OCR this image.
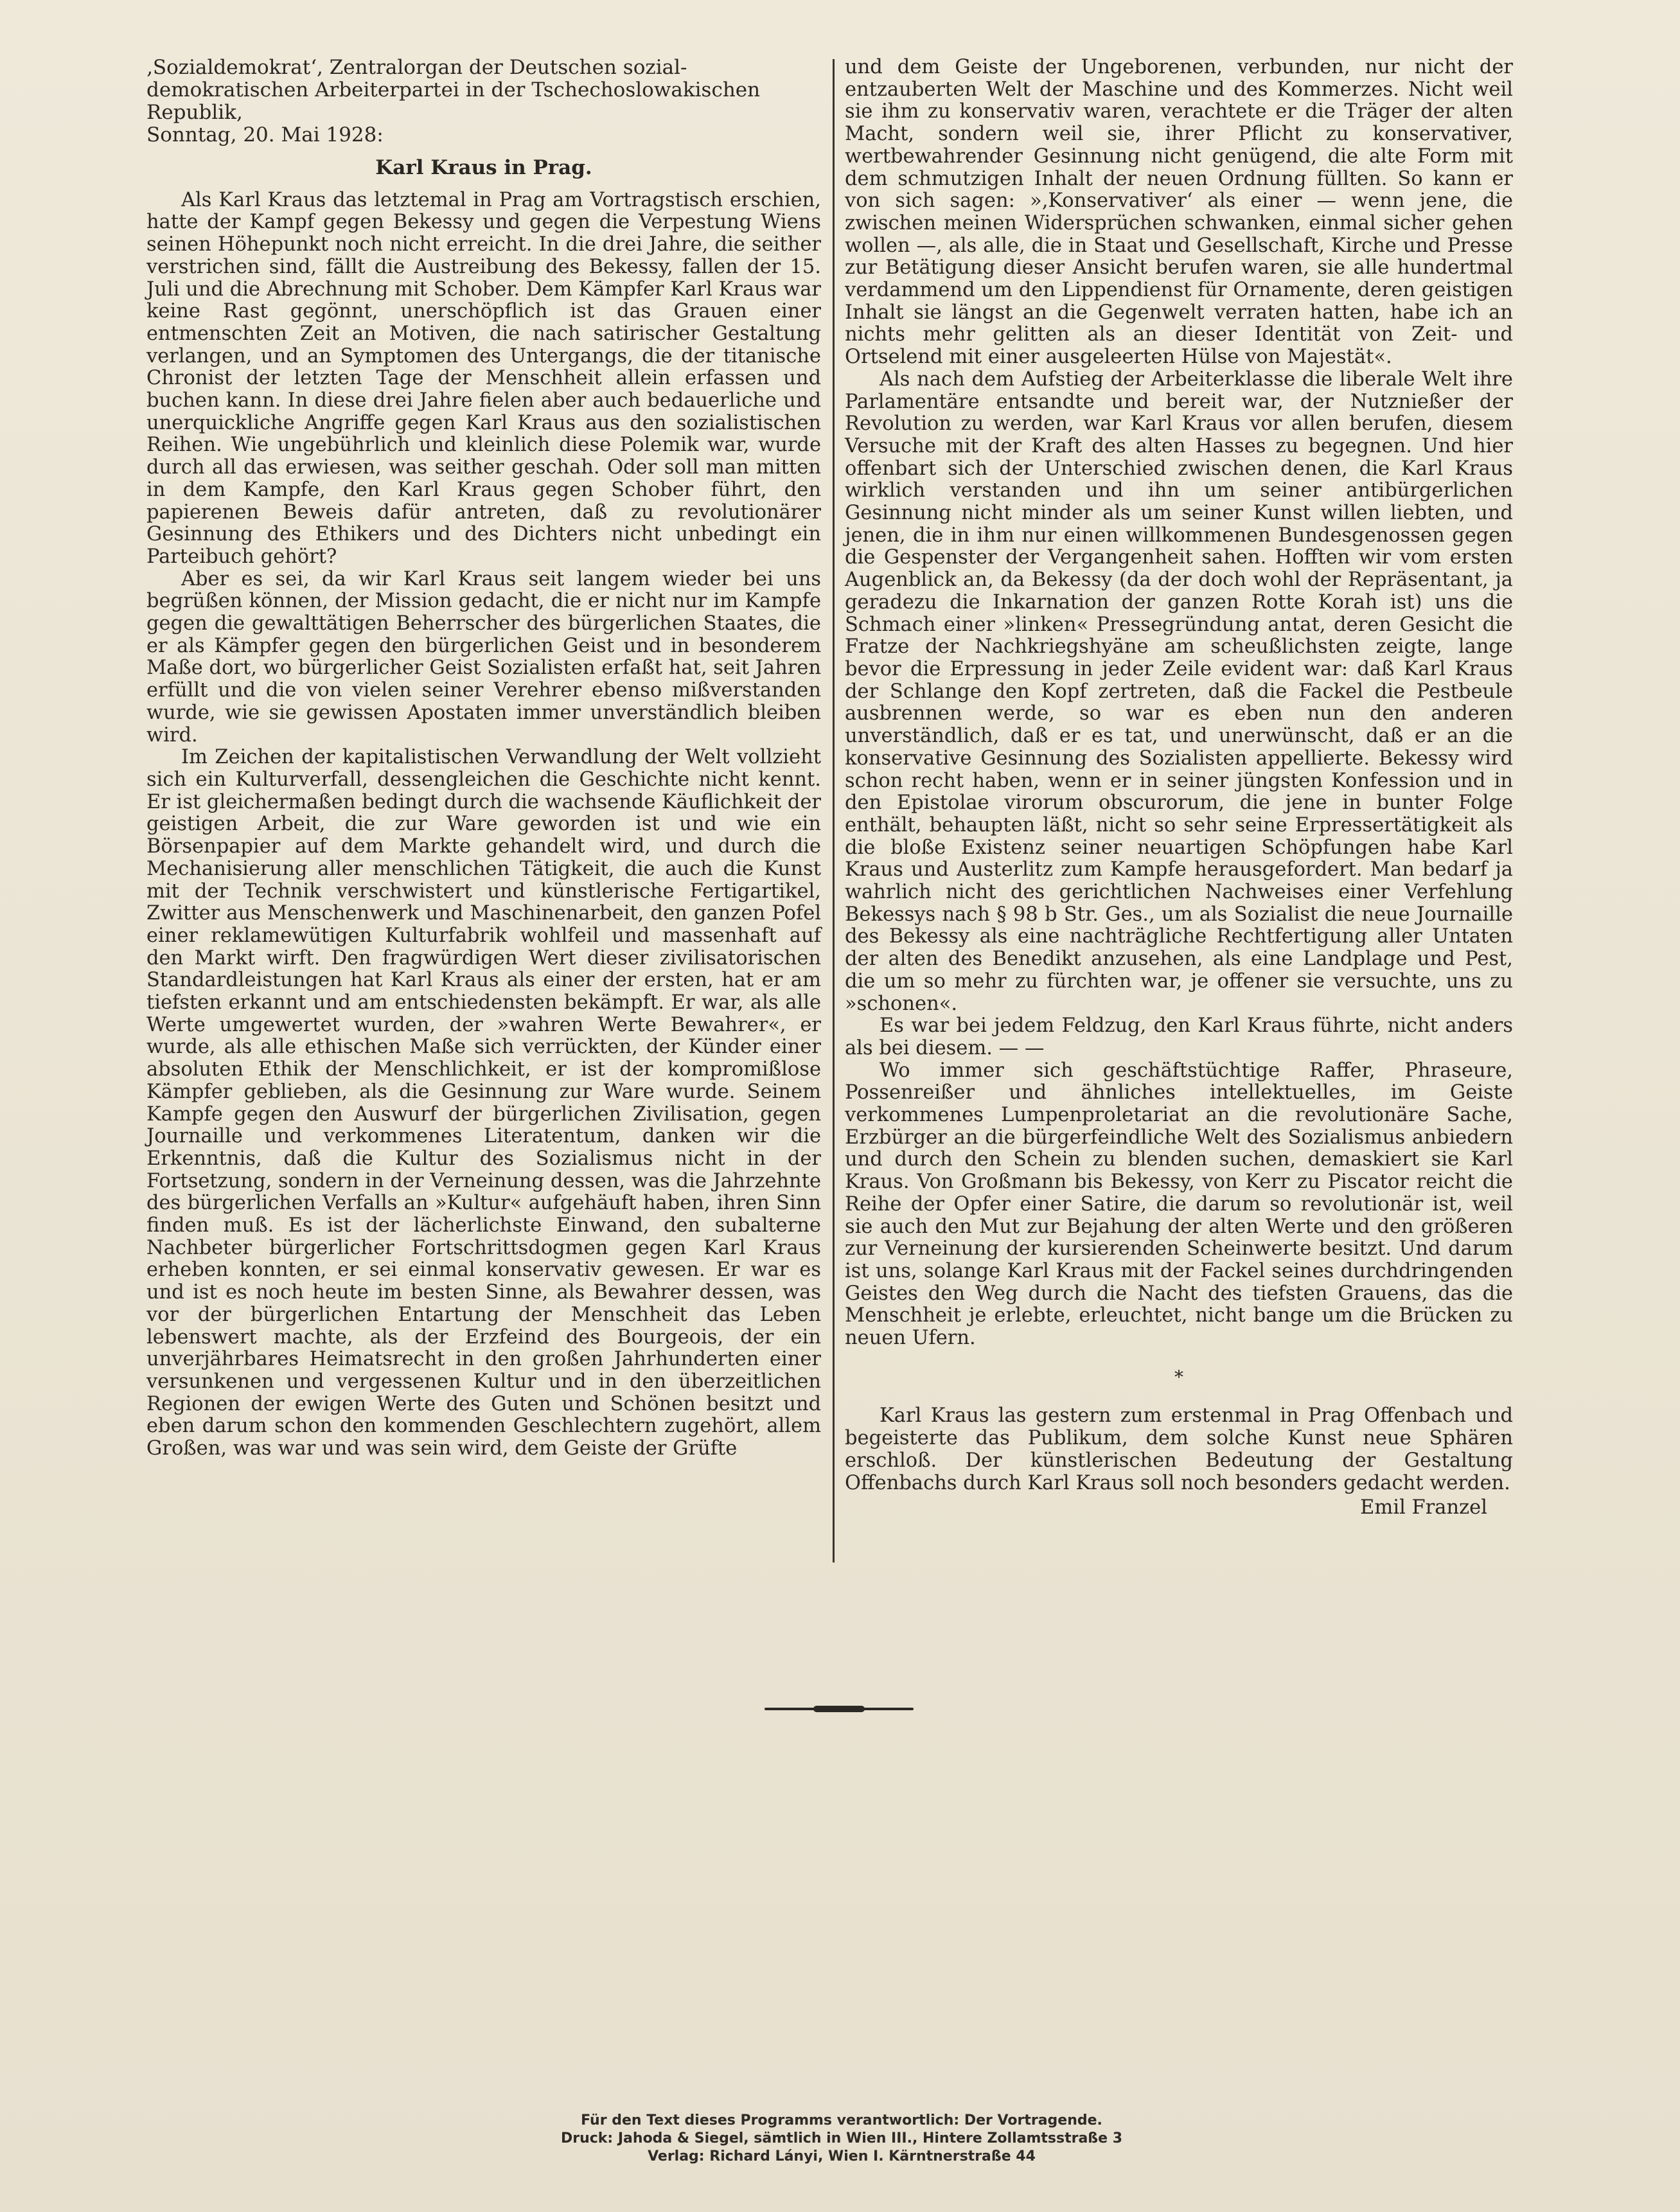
‚Sozialdemokrat‘, Zentralorgan der Deutschen sozial-
demokratischen Arbeiterpartei in der Tschechoslowakischen Republik,
Sonntag, 20. Mai 1928:
Karl Kraus in Prag.

Als Karl Kraus das letztemal in Prag am Vortragstisch erschien, hatte der Kampf gegen Bekessy und gegen die Verpestung Wiens seinen Höhepunkt noch nicht erreicht. In die drei Jahre, die seither verstrichen sind, fällt die Austreibung des Bekessy, fallen der 15. Juli und die Abrechnung mit Schober. Dem Kämpfer Karl Kraus war keine Rast gegönnt, unerschöpflich ist das Grauen einer entmenschten Zeit an Motiven, die nach satirischer Gestaltung verlangen, und an Symptomen des Untergangs, die der titanische Chronist der letzten Tage der Menschheit allein erfassen und buchen kann. In diese drei Jahre fielen aber auch bedauerliche und unerquickliche Angriffe gegen Karl Kraus aus den sozialistischen Reihen. Wie ungebührlich und kleinlich diese Polemik war, wurde durch all das erwiesen, was seither geschah. Oder soll man mitten in dem Kampfe, den Karl Kraus gegen Schober führt, den papierenen Beweis dafür antreten, daß zu revolutionärer Gesinnung des Ethikers und des Dichters nicht unbedingt ein Parteibuch gehört?

Aber es sei, da wir Karl Kraus seit langem wieder bei uns begrüßen können, der Mission gedacht, die er nicht nur im Kampfe gegen die gewalttätigen Beherrscher des bürgerlichen Staates, die er als Kämpfer gegen den bürgerlichen Geist und in besonderem Maße dort, wo bürgerlicher Geist Sozialisten erfaßt hat, seit Jahren erfüllt und die von vielen seiner Verehrer ebenso mißverstanden wurde, wie sie gewissen Apostaten immer unverständlich bleiben wird.

Im Zeichen der kapitalistischen Verwandlung der Welt vollzieht sich ein Kulturverfall, dessengleichen die Geschichte nicht kennt. Er ist gleichermaßen bedingt durch die wachsende Käuflichkeit der geistigen Arbeit, die zur Ware geworden ist und wie ein Börsenpapier auf dem Markte gehandelt wird, und durch die Mechanisierung aller menschlichen Tätigkeit, die auch die Kunst mit der Technik verschwistert und künstlerische Fertigartikel, Zwitter aus Menschenwerk und Maschinenarbeit, den ganzen Pofel einer reklamewütigen Kulturfabrik wohlfeil und massenhaft auf den Markt wirft. Den fragwürdigen Wert dieser zivilisatorischen Standardleistungen hat Karl Kraus als einer der ersten, hat er am tiefsten erkannt und am entschiedensten bekämpft. Er war, als alle Werte umgewertet wurden, der »wahren Werte Bewahrer«, er wurde, als alle ethischen Maße sich verrückten, der Künder einer absoluten Ethik der Menschlichkeit, er ist der kompromißlose Kämpfer geblieben, als die Gesinnung zur Ware wurde. Seinem Kampfe gegen den Auswurf der bürgerlichen Zivilisation, gegen Journaille und verkommenes Literatentum, danken wir die Erkenntnis, daß die Kultur des Sozialismus nicht in der Fortsetzung, sondern in der Verneinung dessen, was die Jahrzehnte des bürgerlichen Verfalls an »Kultur« aufgehäuft haben, ihren Sinn finden muß. Es ist der lächerlichste Einwand, den subalterne Nachbeter bürgerlicher Fortschrittsdogmen gegen Karl Kraus erheben konnten, er sei einmal konservativ gewesen. Er war es und ist es noch heute im besten Sinne, als Bewahrer dessen, was vor der bürgerlichen Entartung der Menschheit das Leben lebenswert machte, als der Erzfeind des Bourgeois, der ein unverjährbares Heimatsrecht in den großen Jahrhunderten einer versunkenen und vergessenen Kultur und in den überzeitlichen Regionen der ewigen Werte des Guten und Schönen besitzt und eben darum schon den kommenden Geschlechtern zugehört, allem Großen, was war und was sein wird, dem Geiste der Grüfte

und dem Geiste der Ungeborenen, verbunden, nur nicht der entzauberten Welt der Maschine und des Kommerzes. Nicht weil sie ihm zu konservativ waren, verachtete er die Träger der alten Macht, sondern weil sie, ihrer Pflicht zu konservativer, wertbewahrender Gesinnung nicht genügend, die alte Form mit dem schmutzigen Inhalt der neuen Ordnung füllten. So kann er von sich sagen: »‚Konservativer‘ als einer — wenn jene, die zwischen meinen Widersprüchen schwanken, einmal sicher gehen wollen —, als alle, die in Staat und Gesellschaft, Kirche und Presse zur Betätigung dieser Ansicht berufen waren, sie alle hundertmal verdammend um den Lippendienst für Ornamente, deren geistigen Inhalt sie längst an die Gegenwelt verraten hatten, habe ich an nichts mehr gelitten als an dieser Identität von Zeit- und Ortselend mit einer ausgeleerten Hülse von Majestät«.

Als nach dem Aufstieg der Arbeiterklasse die liberale Welt ihre Parlamentäre entsandte und bereit war, der Nutznießer der Revolution zu werden, war Karl Kraus vor allen berufen, diesem Versuche mit der Kraft des alten Hasses zu begegnen. Und hier offenbart sich der Unterschied zwischen denen, die Karl Kraus wirklich verstanden und ihn um seiner antibürgerlichen Gesinnung nicht minder als um seiner Kunst willen liebten, und jenen, die in ihm nur einen willkommenen Bundesgenossen gegen die Gespenster der Vergangenheit sahen. Hofften wir vom ersten Augenblick an, da Bekessy (da der doch wohl der Repräsentant, ja geradezu die Inkarnation der ganzen Rotte Korah ist) uns die Schmach einer »linken« Pressegründung antat, deren Gesicht die Fratze der Nachkriegshyäne am scheußlichsten zeigte, lange bevor die Erpressung in jeder Zeile evident war: daß Karl Kraus der Schlange den Kopf zertreten, daß die Fackel die Pestbeule ausbrennen werde, so war es eben nun den anderen unverständlich, daß er es tat, und unerwünscht, daß er an die konservative Gesinnung des Sozialisten appellierte. Bekessy wird schon recht haben, wenn er in seiner jüngsten Konfession und in den Epistolae virorum obscurorum, die jene in bunter Folge enthält, behaupten läßt, nicht so sehr seine Erpressertätigkeit als die bloße Existenz seiner neuartigen Schöpfungen habe Karl Kraus und Austerlitz zum Kampfe herausgefordert. Man bedarf ja wahrlich nicht des gerichtlichen Nachweises einer Verfehlung Bekessys nach § 98 b Str. Ges., um als Sozialist die neue Journaille des Bekessy als eine nachträgliche Rechtfertigung aller Untaten der alten des Benedikt anzusehen, als eine Landplage und Pest, die um so mehr zu fürchten war, je offener sie versuchte, uns zu »schonen«.

Es war bei jedem Feldzug, den Karl Kraus führte, nicht anders als bei diesem. — —

Wo immer sich geschäftstüchtige Raffer, Phraseure, Possenreißer und ähnliches intellektuelles, im Geiste verkommenes Lumpenproletariat an die revolutionäre Sache, Erzbürger an die bürgerfeindliche Welt des Sozialismus anbiedern und durch den Schein zu blenden suchen, demaskiert sie Karl Kraus. Von Großmann bis Bekessy, von Kerr zu Piscator reicht die Reihe der Opfer einer Satire, die darum so revolutionär ist, weil sie auch den Mut zur Bejahung der alten Werte und den größeren zur Verneinung der kursierenden Scheinwerte besitzt. Und darum ist uns, solange Karl Kraus mit der Fackel seines durchdringenden Geistes den Weg durch die Nacht des tiefsten Grauens, das die Menschheit je erlebte, erleuchtet, nicht bange um die Brücken zu neuen Ufern.

*

Karl Kraus las gestern zum erstenmal in Prag Offenbach und begeisterte das Publikum, dem solche Kunst neue Sphären erschloß. Der künstlerischen Bedeutung der Gestaltung Offenbachs durch Karl Kraus soll noch besonders gedacht werden.

Emil Franzel
Für den Text dieses Programms verantwortlich: Der Vortragende.
Druck: Jahoda & Siegel, sämtlich in Wien III., Hintere Zollamtsstraße 3
Verlag: Richard Lányi, Wien I. Kärntnerstraße 44
